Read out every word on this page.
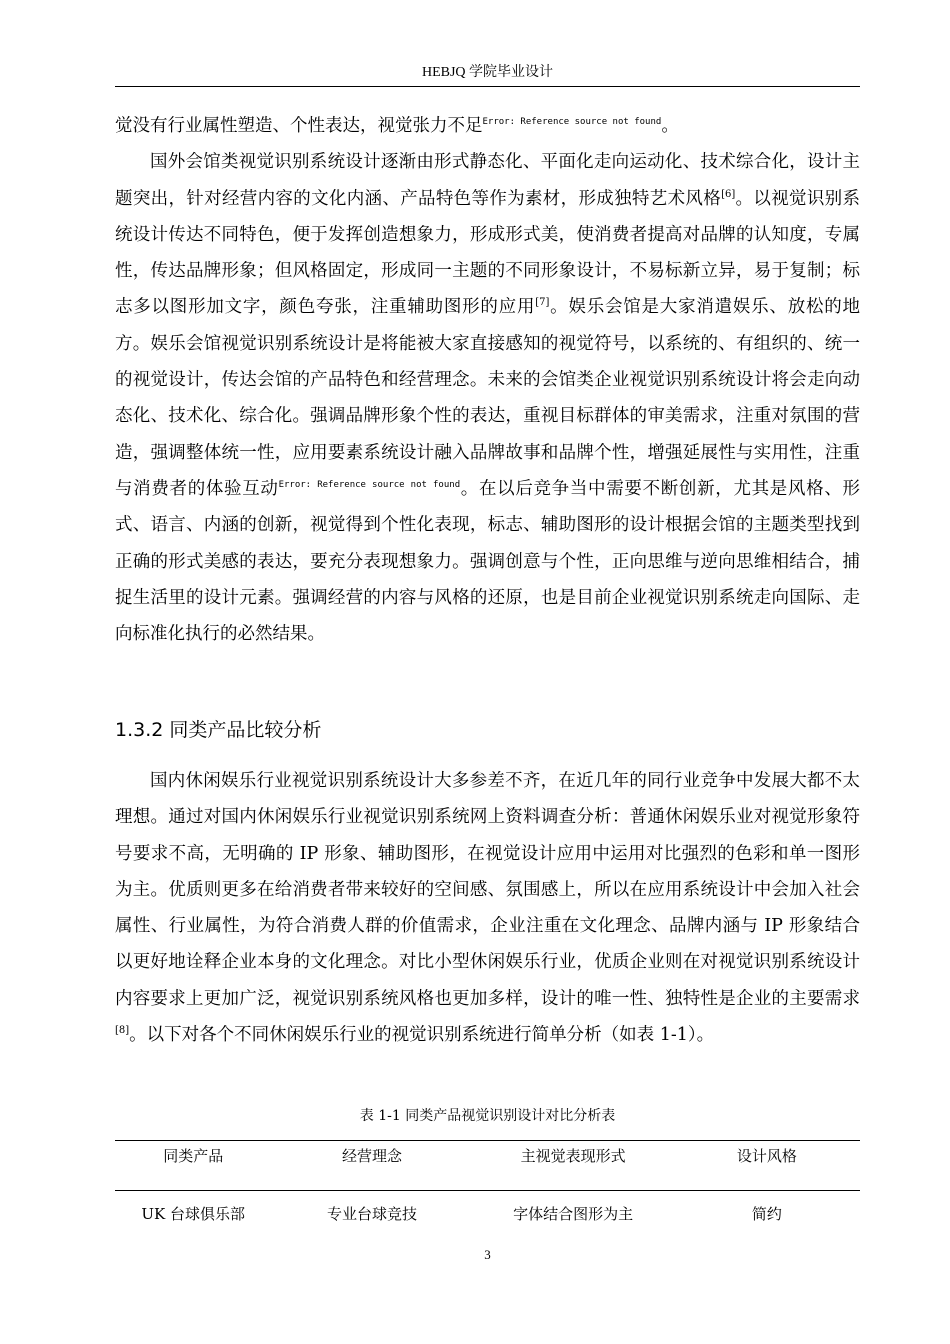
HEBJQ 学院毕业设计

觉没有行业属性塑造、个性表达，视觉张力不足$^{Error: Reference source not found}$。

国外会馆类视觉识别系统设计逐渐由形式静态化、平面化走向运动化、技术综合化，设计主题突出，针对经营内容的文化内涵、产品特色等作为素材，形成独特艺术风格[6]。以视觉识别系统设计传达不同特色，便于发挥创造想象力，形成形式美，使消费者提高对品牌的认知度，专属性，传达品牌形象；但风格固定，形成同一主题的不同形象设计，不易标新立异，易于复制；标志多以图形加文字，颜色夸张，注重辅助图形的应用[7]。娱乐会馆是大家消遣娱乐、放松的地方。娱乐会馆视觉识别系统设计是将能被大家直接感知的视觉符号，以系统的、有组织的、统一的视觉设计，传达会馆的产品特色和经营理念。未来的会馆类企业视觉识别系统设计将会走向动态化、技术化、综合化。强调品牌形象个性的表达，重视目标群体的审美需求，注重对氛围的营造，强调整体统一性，应用要素系统设计融入品牌故事和品牌个性，增强延展性与实用性，注重与消费者的体验互动$^{Error: Reference source not found}$。在以后竞争当中需要不断创新，尤其是风格、形式、语言、内涵的创新，视觉得到个性化表现，标志、辅助图形的设计根据会馆的主题类型找到正确的形式美感的表达，要充分表现想象力。强调创意与个性，正向思维与逆向思维相结合，捕捉生活里的设计元素。强调经营的内容与风格的还原，也是目前企业视觉识别系统走向国际、走向标准化执行的必然结果。

1.3.2 同类产品比较分析

国内休闲娱乐行业视觉识别系统设计大多参差不齐，在近几年的同行业竞争中发展大都不太理想。通过对国内休闲娱乐行业视觉识别系统网上资料调查分析：普通休闲娱乐业对视觉形象符号要求不高，无明确的 IP 形象、辅助图形，在视觉设计应用中运用对比强烈的色彩和单一图形为主。优质则更多在给消费者带来较好的空间感、氛围感上，所以在应用系统设计中会加入社会属性、行业属性，为符合消费人群的价值需求，企业注重在文化理念、品牌内涵与 IP 形象结合以更好地诠释企业本身的文化理念。对比小型休闲娱乐行业，优质企业则在对视觉识别系统设计内容要求上更加广泛，视觉识别系统风格也更加多样，设计的唯一性、独特性是企业的主要需求[8]。以下对各个不同休闲娱乐行业的视觉识别系统进行简单分析（如表 1-1）。

表 1-1 同类产品视觉识别设计对比分析表
同类产品	经营理念	主视觉表现形式	设计风格
UK 台球俱乐部	专业台球竞技	字体结合图形为主	简约
3
